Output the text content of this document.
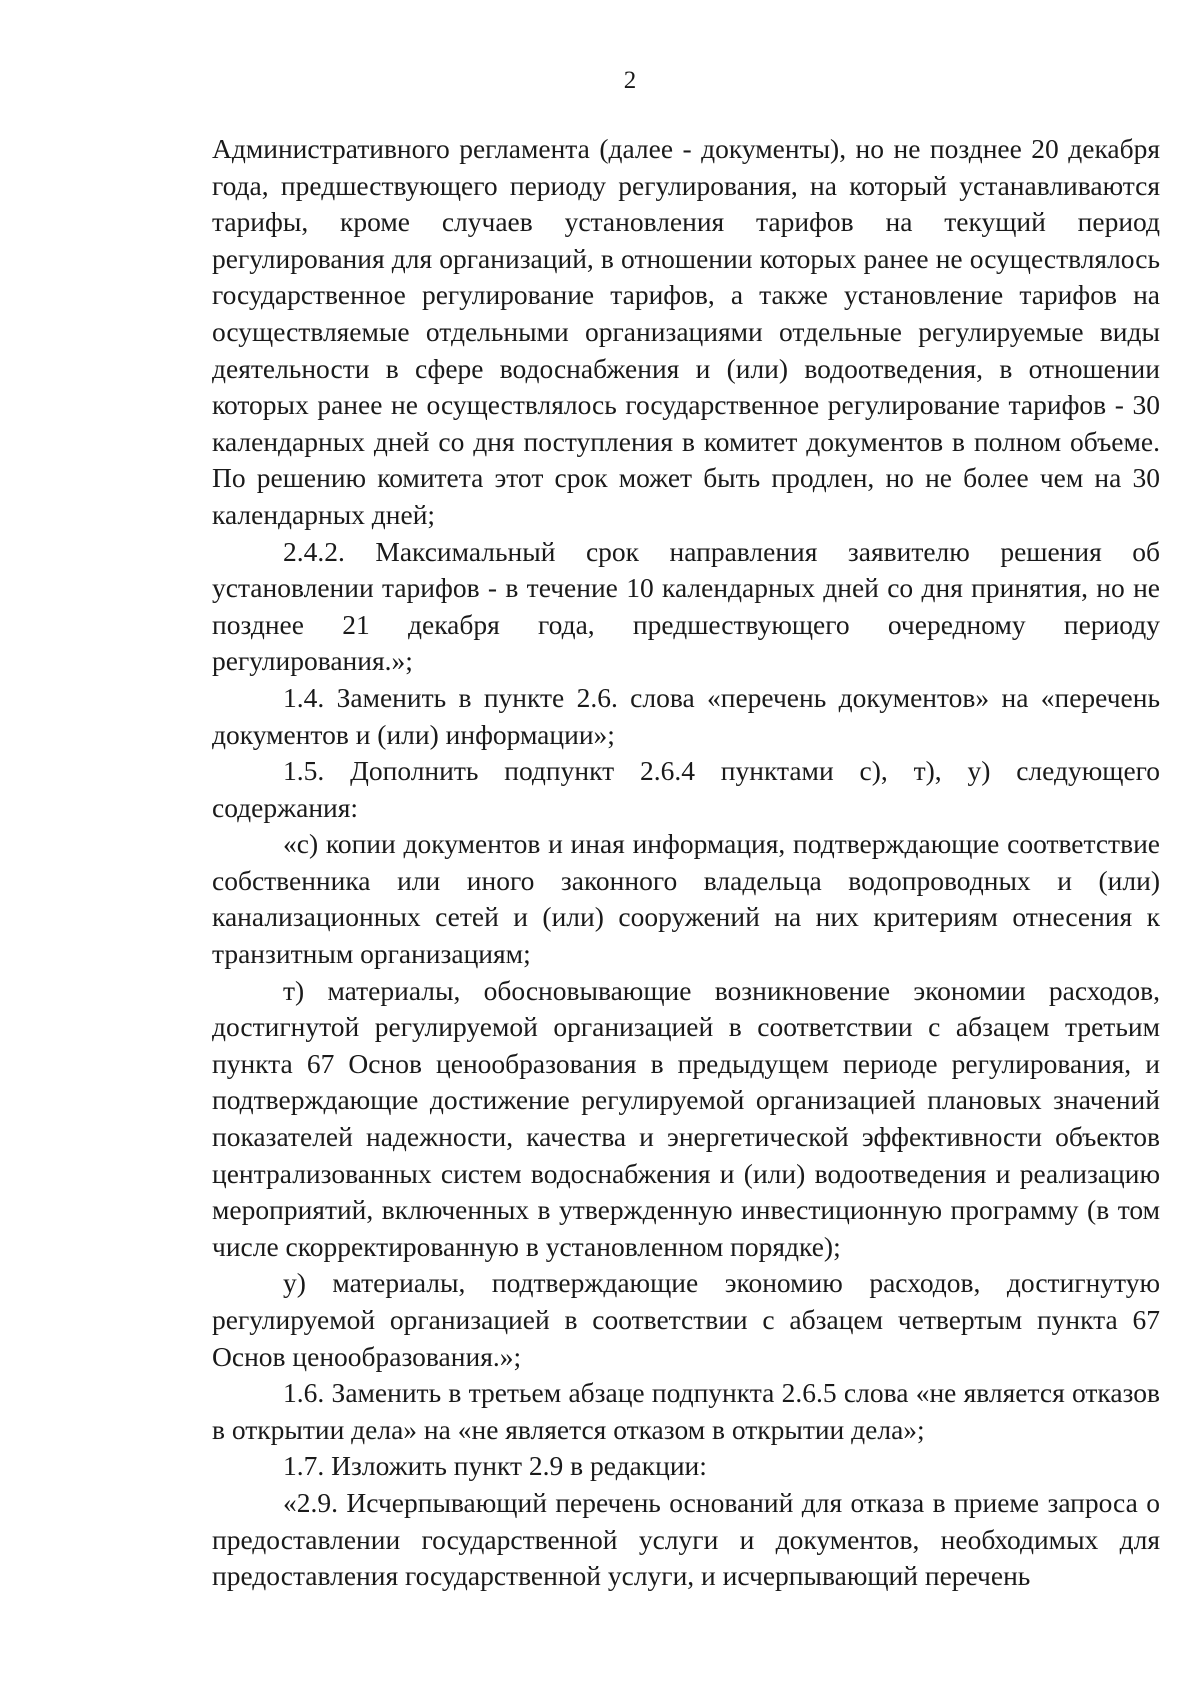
2

Административного регламента (далее - документы), но не позднее 20 декабря года, предшествующего периоду регулирования, на который устанавливаются тарифы, кроме случаев установления тарифов на текущий период регулирования для организаций, в отношении которых ранее не осуществлялось государственное регулирование тарифов, а также установление тарифов на осуществляемые отдельными организациями отдельные регулируемые виды деятельности в сфере водоснабжения и (или) водоотведения, в отношении которых ранее не осуществлялось государственное регулирование тарифов - 30 календарных дней со дня поступления в комитет документов в полном объеме. По решению комитета этот срок может быть продлен, но не более чем на 30 календарных дней;

2.4.2. Максимальный срок направления заявителю решения об установлении тарифов - в течение 10 календарных дней со дня принятия, но не позднее 21 декабря года, предшествующего очередному периоду регулирования.»;

1.4. Заменить в пункте 2.6. слова «перечень документов» на «перечень документов и (или) информации»;

1.5. Дополнить подпункт 2.6.4 пунктами с), т), у) следующего содержания:

«с) копии документов и иная информация, подтверждающие соответствие собственника или иного законного владельца водопроводных и (или) канализационных сетей и (или) сооружений на них критериям отнесения к транзитным организациям;

т) материалы, обосновывающие возникновение экономии расходов, достигнутой регулируемой организацией в соответствии с абзацем третьим пункта 67 Основ ценообразования в предыдущем периоде регулирования, и подтверждающие достижение регулируемой организацией плановых значений показателей надежности, качества и энергетической эффективности объектов централизованных систем водоснабжения и (или) водоотведения и реализацию мероприятий, включенных в утвержденную инвестиционную программу (в том числе скорректированную в установленном порядке);

у) материалы, подтверждающие экономию расходов, достигнутую регулируемой организацией в соответствии с абзацем четвертым пункта 67 Основ ценообразования.»;

1.6. Заменить в третьем абзаце подпункта 2.6.5 слова «не является отказов в открытии дела» на «не является отказом в открытии дела»;

1.7. Изложить пункт 2.9 в редакции:

«2.9. Исчерпывающий перечень оснований для отказа в приеме запроса о предоставлении государственной услуги и документов, необходимых для предоставления государственной услуги, и исчерпывающий перечень
